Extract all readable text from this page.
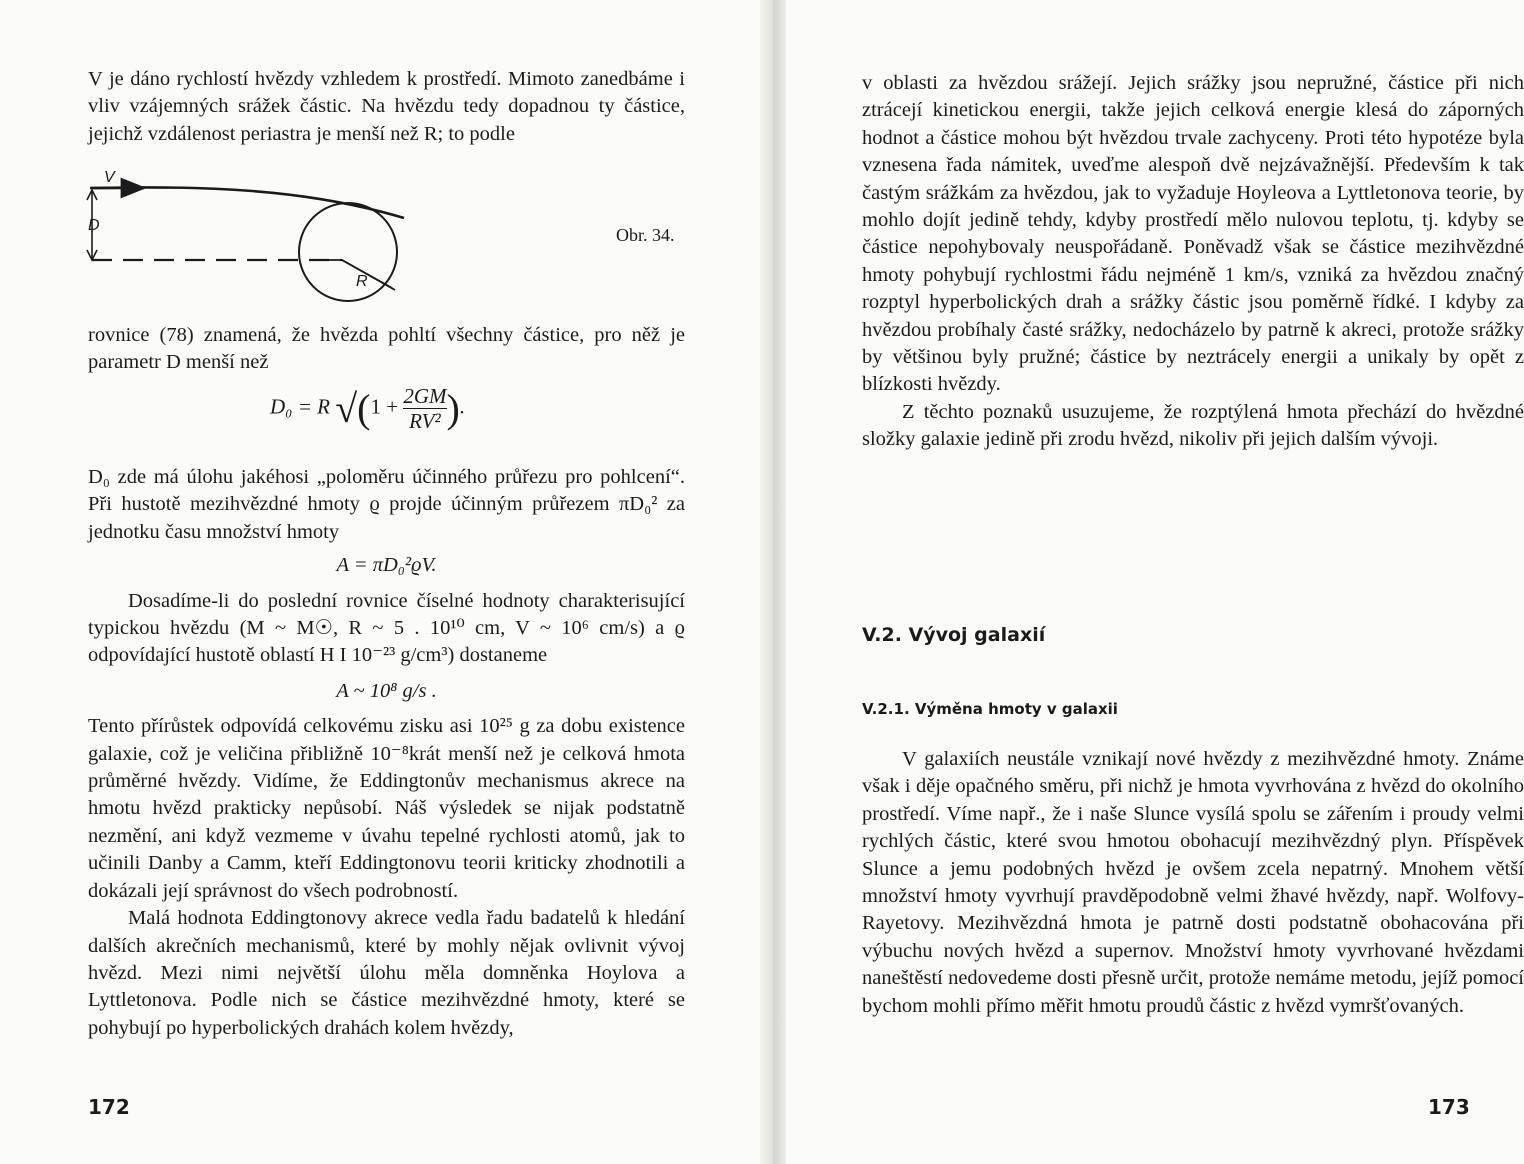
V je dáno rychlostí hvězdy vzhledem k prostředí. Mimoto zanedbáme i vliv vzájemných srážek částic. Na hvězdu tedy dopadnou ty částice, jejichž vzdálenost periastra je menší než R; to podle

V
D
R
Obr. 34.

rovnice (78) znamená, že hvězda pohltí všechny částice, pro něž je parametr D menší než

D₀ = R $√(1 + \frac{2GM}{\text{RV²}}$ ).

D₀ zde má úlohu jakéhosi „poloměru účinného průřezu pro pohlcení“. Při hustotě mezihvězdné hmoty ϱ projde účinným průřezem πD₀² za jednotku času množství hmoty

A = πD₀²ϱV.

Dosadíme-li do poslední rovnice číselné hodnoty charakterisující typickou hvězdu (M ~ M☉, R ~ 5 . 10¹⁰ cm, V ~ 10⁶ cm/s) a ϱ odpovídající hustotě oblastí H I 10⁻²³ g/cm³) dostaneme

A ~ 10⁸ g/s .

Tento přírůstek odpovídá celkovému zisku asi 10²⁵ g za dobu existence galaxie, což je veličina přibližně 10⁻⁸krát menší než je celková hmota průměrné hvězdy. Vidíme, že Eddingtonův mechanismus akrece na hmotu hvězd prakticky nepůsobí. Náš výsledek se nijak podstatně nezmění, ani když vezmeme v úvahu tepelné rychlosti atomů, jak to učinili Danby a Camm, kteří Eddingtonovu teorii kriticky zhodnotili a dokázali její správnost do všech podrobností.

Malá hodnota Eddingtonovy akrece vedla řadu badatelů k hledání dalších akrečních mechanismů, které by mohly nějak ovlivnit vývoj hvězd. Mezi nimi největší úlohu měla domněnka Hoylova a Lyttletonova. Podle nich se částice mezihvězdné hmoty, které se pohybují po hyperbolických drahách kolem hvězdy,

172

v oblasti za hvězdou srážejí. Jejich srážky jsou nepružné, částice při nich ztrácejí kinetickou energii, takže jejich celková energie klesá do záporných hodnot a částice mohou být hvězdou trvale zachyceny. Proti této hypotéze byla vznesena řada námitek, uveďme alespoň dvě nejzávažnější. Především k tak častým srážkám za hvězdou, jak to vyžaduje Hoyleova a Lyttletonova teorie, by mohlo dojít jedině tehdy, kdyby prostředí mělo nulovou teplotu, tj. kdyby se částice nepohybovaly neuspořádaně. Poněvadž však se částice mezihvězdné hmoty pohybují rychlostmi řádu nejméně 1 km/s, vzniká za hvězdou značný rozptyl hyperbolických drah a srážky částic jsou poměrně řídké. I kdyby za hvězdou probíhaly časté srážky, nedocházelo by patrně k akreci, protože srážky by většinou byly pružné; částice by neztrácely energii a unikaly by opět z blízkosti hvězdy.

Z těchto poznaků usuzujeme, že rozptýlená hmota přechází do hvězdné složky galaxie jedině při zrodu hvězd, nikoliv při jejich dalším vývoji.

V.2. Vývoj galaxií
V.2.1. Výměna hmoty v galaxii

V galaxiích neustále vznikají nové hvězdy z mezihvězdné hmoty. Známe však i děje opačného směru, při nichž je hmota vyvrhována z hvězd do okolního prostředí. Víme např., že i naše Slunce vysílá spolu se zářením i proudy velmi rychlých částic, které svou hmotou obohacují mezihvězdný plyn. Příspěvek Slunce a jemu podobných hvězd je ovšem zcela nepatrný. Mnohem větší množství hmoty vyvrhují pravděpodobně velmi žhavé hvězdy, např. Wolfovy-Rayetovy. Mezihvězdná hmota je patrně dosti podstatně obohacována při výbuchu nových hvězd a supernov. Množství hmoty vyvrhované hvězdami naneštěstí nedovedeme dosti přesně určit, protože nemáme metodu, jejíž pomocí bychom mohli přímo měřit hmotu proudů částic z hvězd vymršťovaných.

173
